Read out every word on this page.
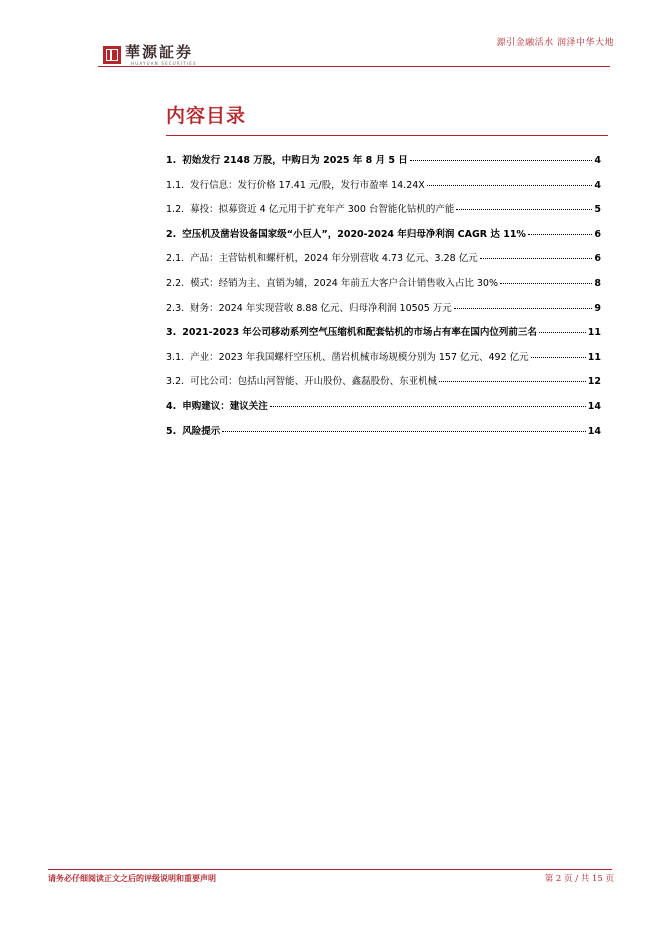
華源証券
HUAYUAN SECURITIES
源引金融活水 润泽中华大地
内容目录
1. 初始发行 2148 万股，中购日为 2025 年 8 月 5 日	4
1.1. 发行信息：发行价格 17.41 元/股，发行市盈率 14.24X	4
1.2. 募投：拟募资近 4 亿元用于扩充年产 300 台智能化钻机的产能	5
2. 空压机及凿岩设备国家级“小巨人”，2020-2024 年归母净利润 CAGR 达 11%	6
2.1. 产品：主营钻机和螺杆机，2024 年分别营收 4.73 亿元、3.28 亿元	6
2.2. 模式：经销为主、直销为辅，2024 年前五大客户合计销售收入占比 30%	8
2.3. 财务：2024 年实现营收 8.88 亿元、归母净利润 10505 万元	9
3. 2021-2023 年公司移动系列空气压缩机和配套钻机的市场占有率在国内位列前三名	11
3.1. 产业：2023 年我国螺杆空压机、凿岩机械市场规模分别为 157 亿元、492 亿元	11
3.2. 可比公司：包括山河智能、开山股份、鑫磊股份、东亚机械	12
4. 申购建议：建议关注	14
5. 风险提示	14
请务必仔细阅读正文之后的评级说明和重要声明	第 2 页 / 共 15 页
